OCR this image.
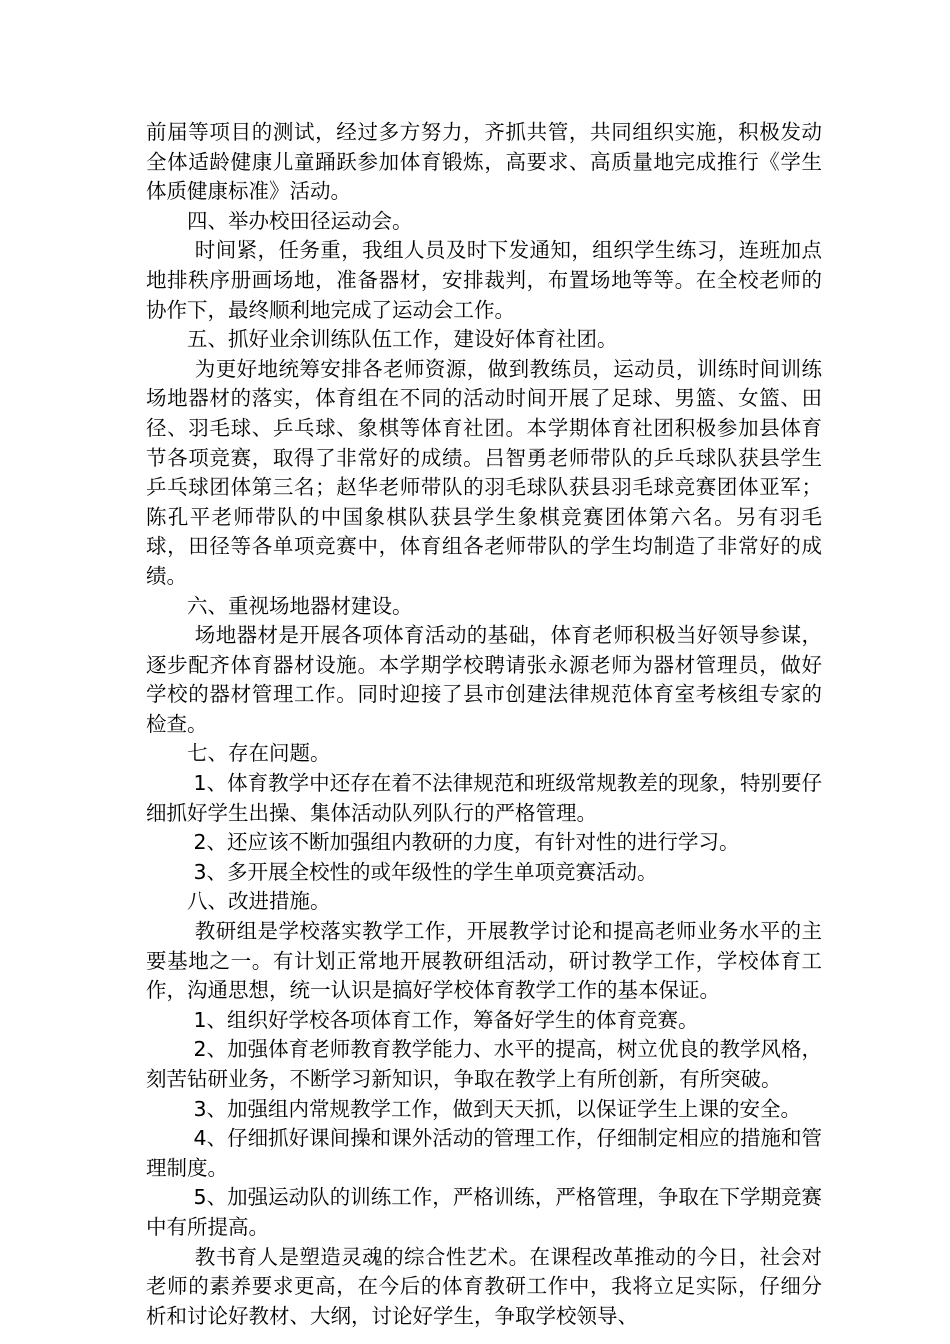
前届等项目的测试，经过多方努力，齐抓共管，共同组织实施，积极发动全体适龄健康儿童踊跃参加体育锻炼，高要求、高质量地完成推行《学生体质健康标准》活动。

　　四、举办校田径运动会。

　　 时间紧，任务重，我组人员及时下发通知，组织学生练习，连班加点地排秩序册画场地，准备器材，安排裁判，布置场地等等。在全校老师的协作下，最终顺利地完成了运动会工作。

　　五、抓好业余训练队伍工作，建设好体育社团。

　　 为更好地统筹安排各老师资源，做到教练员，运动员，训练时间训练场地器材的落实，体育组在不同的活动时间开展了足球、男篮、女篮、田径、羽毛球、乒乓球、象棋等体育社团。本学期体育社团积极参加县体育节各项竞赛，取得了非常好的成绩。吕智勇老师带队的乒乓球队获县学生乒乓球团体第三名；赵华老师带队的羽毛球队获县羽毛球竞赛团体亚军；陈孔平老师带队的中国象棋队获县学生象棋竞赛团体第六名。另有羽毛球，田径等各单项竞赛中，体育组各老师带队的学生均制造了非常好的成绩。

　　六、重视场地器材建设。

　　 场地器材是开展各项体育活动的基础，体育老师积极当好领导参谋，逐步配齐体育器材设施。本学期学校聘请张永源老师为器材管理员，做好学校的器材管理工作。同时迎接了县市创建法律规范体育室考核组专家的检查。

　　七、存在问题。

　　 1、体育教学中还存在着不法律规范和班级常规教差的现象，特别要仔细抓好学生出操、集体活动队列队行的严格管理。

　　 2、还应该不断加强组内教研的力度，有针对性的进行学习。

　　 3、多开展全校性的或年级性的学生单项竞赛活动。

　　八、改进措施。

　　 教研组是学校落实教学工作，开展教学讨论和提高老师业务水平的主要基地之一。有计划正常地开展教研组活动，研讨教学工作，学校体育工作，沟通思想，统一认识是搞好学校体育教学工作的基本保证。

　　 1、组织好学校各项体育工作，筹备好学生的体育竞赛。

　　 2、加强体育老师教育教学能力、水平的提高，树立优良的教学风格，刻苦钻研业务，不断学习新知识，争取在教学上有所创新，有所突破。

　　 3、加强组内常规教学工作，做到天天抓，以保证学生上课的安全。

　　 4、仔细抓好课间操和课外活动的管理工作，仔细制定相应的措施和管理制度。

　　 5、加强运动队的训练工作，严格训练，严格管理，争取在下学期竞赛中有所提高。

　　 教书育人是塑造灵魂的综合性艺术。在课程改革推动的今日，社会对老师的素养要求更高，在今后的体育教研工作中，我将立足实际，仔细分析和讨论好教材、大纲，讨论好学生，争取学校领导、
